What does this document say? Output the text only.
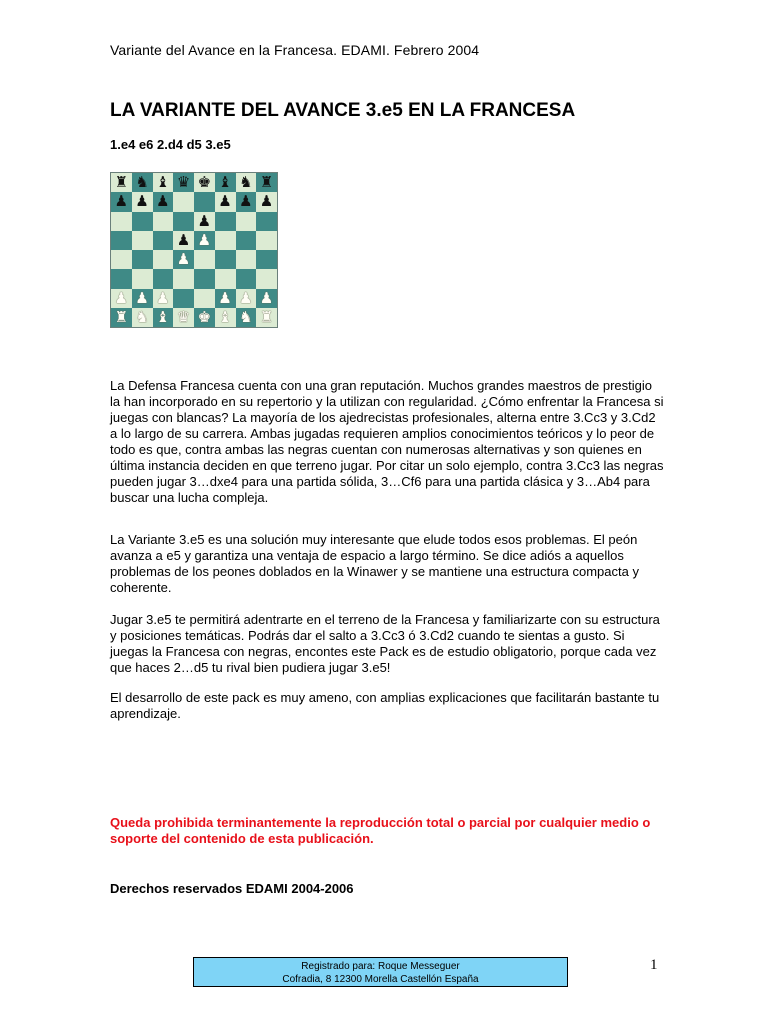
Variante del Avance en la Francesa. EDAMI. Febrero 2004
LA VARIANTE DEL AVANCE 3.e5 EN LA FRANCESA
1.e4 e6 2.d4 d5 3.e5
♜ ♞ ♝ ♛ ♚ ♝ ♞ ♜
♟ ♟ ♟	♟ ♟ ♟
♟
♟ ♟
♟
♟ ♟ ♟	♟ ♟ ♟
♜ ♞ ♝ ♛ ♚ ♝ ♞ ♜

La Defensa Francesa cuenta con una gran reputación. Muchos grandes maestros de prestigio la han incorporado en su repertorio y la utilizan con regularidad. ¿Cómo enfrentar la Francesa si juegas con blancas? La mayoría de los ajedrecistas profesionales, alterna entre 3.Cc3 y 3.Cd2 a lo largo de su carrera. Ambas jugadas requieren amplios conocimientos teóricos y lo peor de todo es que, contra ambas las negras cuentan con numerosas alternativas y son quienes en última instancia deciden en que terreno jugar. Por citar un solo ejemplo, contra 3.Cc3 las negras pueden jugar 3…dxe4 para una partida sólida, 3…Cf6 para una partida clásica y 3…Ab4 para buscar una lucha compleja.

La Variante 3.e5 es una solución muy interesante que elude todos esos problemas. El peón avanza a e5 y garantiza una ventaja de espacio a largo término. Se dice adiós a aquellos problemas de los peones doblados en la Winawer y se mantiene una estructura compacta y coherente.

Jugar 3.e5 te permitirá adentrarte en el terreno de la Francesa y familiarizarte con su estructura y posiciones temáticas. Podrás dar el salto a 3.Cc3 ó 3.Cd2 cuando te sientas a gusto. Si juegas la Francesa con negras, encontes este Pack es de estudio obligatorio, porque cada vez que haces 2…d5 tu rival bien pudiera jugar 3.e5!

El desarrollo de este pack es muy ameno, con amplias explicaciones que facilitarán bastante tu aprendizaje.

Queda prohibida terminantemente la reproducción total o parcial por cualquier medio o soporte del contenido de esta publicación.

Derechos reservados EDAMI 2004-2006
Registrado para: Roque Messeguer
Cofradia, 8 12300 Morella Castellón España
1
